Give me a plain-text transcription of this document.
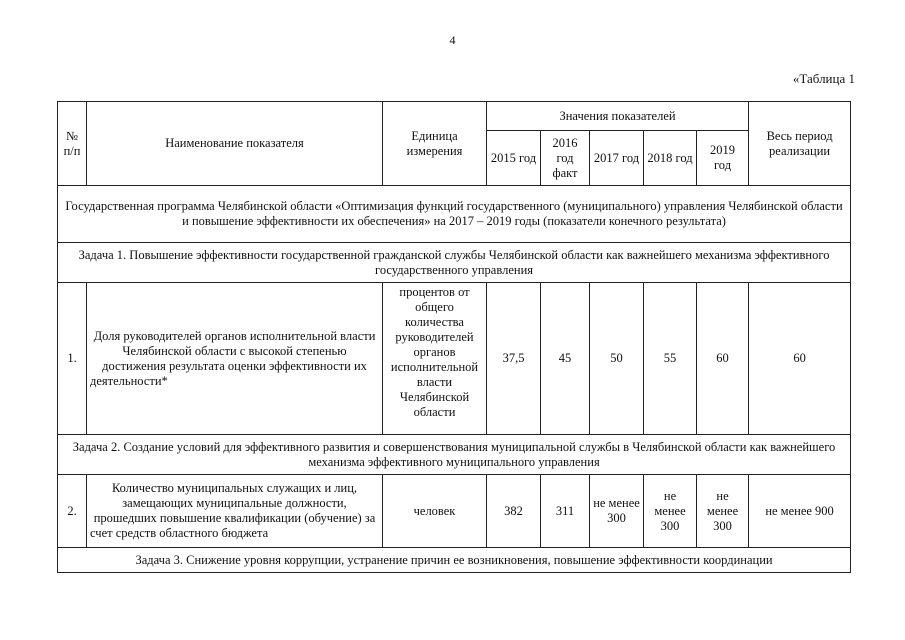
4
«Таблица 1
№ п/п	Наименование показателя	Единица измерения	Значения показателей					Весь период реализации
			2015 год	2016 год факт	2017 год	2018 год	2019 год	
Государственная программа Челябинской области «Оптимизация функций государственного (муниципального) управления Челябинской области и повышение эффективности их обеспечения» на 2017 – 2019 годы (показатели конечного результата)								
Задача 1. Повышение эффективности государственной гражданской службы Челябинской области как важнейшего механизма эффективного государственного управления								
1.	Доля руководителей органов исполнительной власти Челябинской области с высокой степенью достижения результата оценки эффективности их деятельности*	процентов от общего количества руководителей органов исполнительной власти Челябинской области	37,5	45	50	55	60	60
Задача 2. Создание условий для эффективного развития и совершенствования муниципальной службы в Челябинской области как важнейшего механизма эффективного муниципального управления								
2.	Количество муниципальных служащих и лиц, замещающих муниципальные должности, прошедших повышение квалификации (обучение) за счет средств областного бюджета	человек	382	311	не менее 300	не менее 300	не менее 300	не менее 900
Задача 3. Снижение уровня коррупции, устранение причин ее возникновения, повышение эффективности координации								
